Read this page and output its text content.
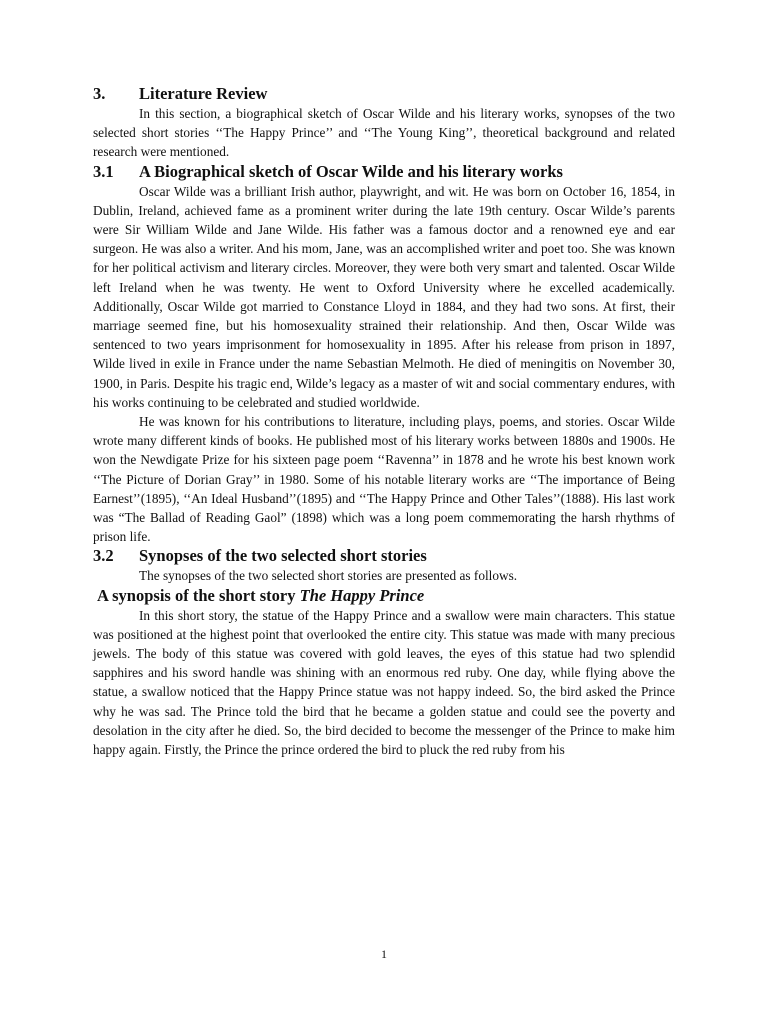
3.	Literature Review

In this section, a biographical sketch of Oscar Wilde and his literary works, synopses of the two selected short stories ‘‘The Happy Prince’’ and ‘‘The Young King’’, theoretical background and related research were mentioned.

3.1	A Biographical sketch of Oscar Wilde and his literary works

Oscar Wilde was a brilliant Irish author, playwright, and wit. He was born on October 16, 1854, in Dublin, Ireland, achieved fame as a prominent writer during the late 19th century. Oscar Wilde’s parents were Sir William Wilde and Jane Wilde. His father was a famous doctor and a renowned eye and ear surgeon. He was also a writer. And his mom, Jane, was an accomplished writer and poet too. She was known for her political activism and literary circles. Moreover, they were both very smart and talented. Oscar Wilde left Ireland when he was twenty. He went to Oxford University where he excelled academically. Additionally, Oscar Wilde got married to Constance Lloyd in 1884, and they had two sons. At first, their marriage seemed fine, but his homosexuality strained their relationship. And then, Oscar Wilde was sentenced to two years imprisonment for homosexuality in 1895. After his release from prison in 1897, Wilde lived in exile in France under the name Sebastian Melmoth. He died of meningitis on November 30, 1900, in Paris. Despite his tragic end, Wilde’s legacy as a master of wit and social commentary endures, with his works continuing to be celebrated and studied worldwide.

He was known for his contributions to literature, including plays, poems, and stories. Oscar Wilde wrote many different kinds of books. He published most of his literary works between 1880s and 1900s. He won the Newdigate Prize for his sixteen page poem ‘‘Ravenna’’ in 1878 and he wrote his best known work ‘‘The Picture of Dorian Gray’’ in 1980. Some of his notable literary works are ‘‘The importance of Being Earnest’’(1895), ‘‘An Ideal Husband’’(1895) and ‘‘The Happy Prince and Other Tales’’(1888). His last work was “The Ballad of Reading Gaol” (1898) which was a long poem commemorating the harsh rhythms of prison life.

3.2	Synopses of the two selected short stories

The synopses of the two selected short stories are presented as follows.

A synopsis of the short story The Happy Prince

In this short story, the statue of the Happy Prince and a swallow were main characters. This statue was positioned at the highest point that overlooked the entire city. This statue was made with many precious jewels. The body of this statue was covered with gold leaves, the eyes of this statue had two splendid sapphires and his sword handle was shining with an enormous red ruby. One day, while flying above the statue, a swallow noticed that the Happy Prince statue was not happy indeed. So, the bird asked the Prince why he was sad. The Prince told the bird that he became a golden statue and could see the poverty and desolation in the city after he died. So, the bird decided to become the messenger of the Prince to make him happy again. Firstly, the Prince the prince ordered the bird to pluck the red ruby from his

1
